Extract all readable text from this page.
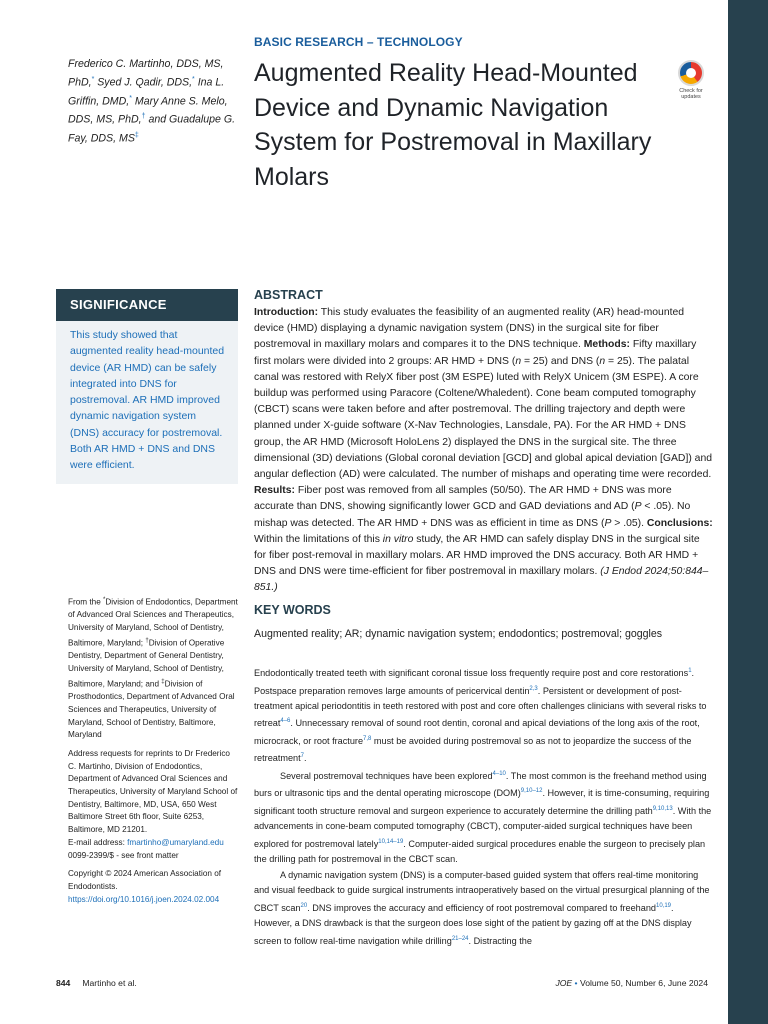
Frederico C. Martinho, DDS, MS, PhD,* Syed J. Qadir, DDS,* Ina L. Griffin, DMD,* Mary Anne S. Melo, DDS, MS, PhD,† and Guadalupe G. Fay, DDS, MS‡
BASIC RESEARCH – TECHNOLOGY
Augmented Reality Head-Mounted Device and Dynamic Navigation System for Postremoval in Maxillary Molars
Check for updates
SIGNIFICANCE

This study showed that augmented reality head-mounted device (AR HMD) can be safely integrated into DNS for postremoval. AR HMD improved dynamic navigation system (DNS) accuracy for postremoval. Both AR HMD + DNS and DNS were efficient.

ABSTRACT

Introduction: This study evaluates the feasibility of an augmented reality (AR) head-mounted device (HMD) displaying a dynamic navigation system (DNS) in the surgical site for fiber postremoval in maxillary molars and compares it to the DNS technique. Methods: Fifty maxillary first molars were divided into 2 groups: AR HMD + DNS (n = 25) and DNS (n = 25). The palatal canal was restored with RelyX fiber post (3M ESPE) luted with RelyX Unicem (3M ESPE). A core buildup was performed using Paracore (Coltene/Whaledent). Cone beam computed tomography (CBCT) scans were taken before and after postremoval. The drilling trajectory and depth were planned under X-guide software (X-Nav Technologies, Lansdale, PA). For the AR HMD + DNS group, the AR HMD (Microsoft HoloLens 2) displayed the DNS in the surgical site. The three dimensional (3D) deviations (Global coronal deviation [GCD] and global apical deviation [GAD]) and angular deflection (AD) were calculated. The number of mishaps and operating time were recorded. Results: Fiber post was removed from all samples (50/50). The AR HMD + DNS was more accurate than DNS, showing significantly lower GCD and GAD deviations and AD (P < .05). No mishap was detected. The AR HMD + DNS was as efficient in time as DNS (P > .05). Conclusions: Within the limitations of this in vitro study, the AR HMD can safely display DNS in the surgical site for fiber post-removal in maxillary molars. AR HMD improved the DNS accuracy. Both AR HMD + DNS and DNS were time-efficient for fiber postremoval in maxillary molars. (J Endod 2024;50:844–851.)

KEY WORDS
Augmented reality; AR; dynamic navigation system; endodontics; postremoval; goggles
From the *Division of Endodontics, Department of Advanced Oral Sciences and Therapeutics, University of Maryland, School of Dentistry, Baltimore, Maryland; †Division of Operative Dentistry, Department of General Dentistry, University of Maryland, School of Dentistry, Baltimore, Maryland; and ‡Division of Prosthodontics, Department of Advanced Oral Sciences and Therapeutics, University of Maryland, School of Dentistry, Baltimore, Maryland
Address requests for reprints to Dr Frederico C. Martinho, Division of Endodontics, Department of Advanced Oral Sciences and Therapeutics, University of Maryland School of Dentistry, Baltimore, MD, USA, 650 West Baltimore Street 6th floor, Suite 6253, Baltimore, MD 21201.
E-mail address: fmartinho@umaryland.edu
0099-2399/$ - see front matter
Copyright © 2024 American Association of Endodontists.
https://doi.org/10.1016/j.joen.2024.02.004

Endodontically treated teeth with significant coronal tissue loss frequently require post and core restorations$^1$. Postspace preparation removes large amounts of pericervical dentin$^{2,3}$. Persistent or development of post-treatment apical periodontitis in teeth restored with post and core often challenges clinicians with several risks to retreat$^{4-6}$. Unnecessary removal of sound root dentin, coronal and apical deviations of the long axis of the root, microcrack, or root fracture$^{7,8}$ must be avoided during postremoval so as not to jeopardize the success of the retreatment$^7$.

Several postremoval techniques have been explored$^{4-10}$. The most common is the freehand method using burs or ultrasonic tips and the dental operating microscope (DOM)$^{9,10-12}$. However, it is time-consuming, requiring significant tooth structure removal and surgeon experience to accurately determine the drilling path$^{9,10,13}$. With the advancements in cone-beam computed tomography (CBCT), computer-aided surgical techniques have been explored for postremoval lately$^{10,14-19}$. Computer-aided surgical procedures enable the surgeon to precisely plan the drilling path for postremoval in the CBCT scan.

A dynamic navigation system (DNS) is a computer-based guided system that offers real-time monitoring and visual feedback to guide surgical instruments intraoperatively based on the virtual presurgical planning of the CBCT scan$^{20}$. DNS improves the accuracy and efficiency of root postremoval compared to freehand$^{10,19}$. However, a DNS drawback is that the surgeon does lose sight of the patient by gazing off at the DNS display screen to follow real-time navigation while drilling$^{21-24}$. Distracting the

844 Martinho et al.	JOE • Volume 50, Number 6, June 2024
